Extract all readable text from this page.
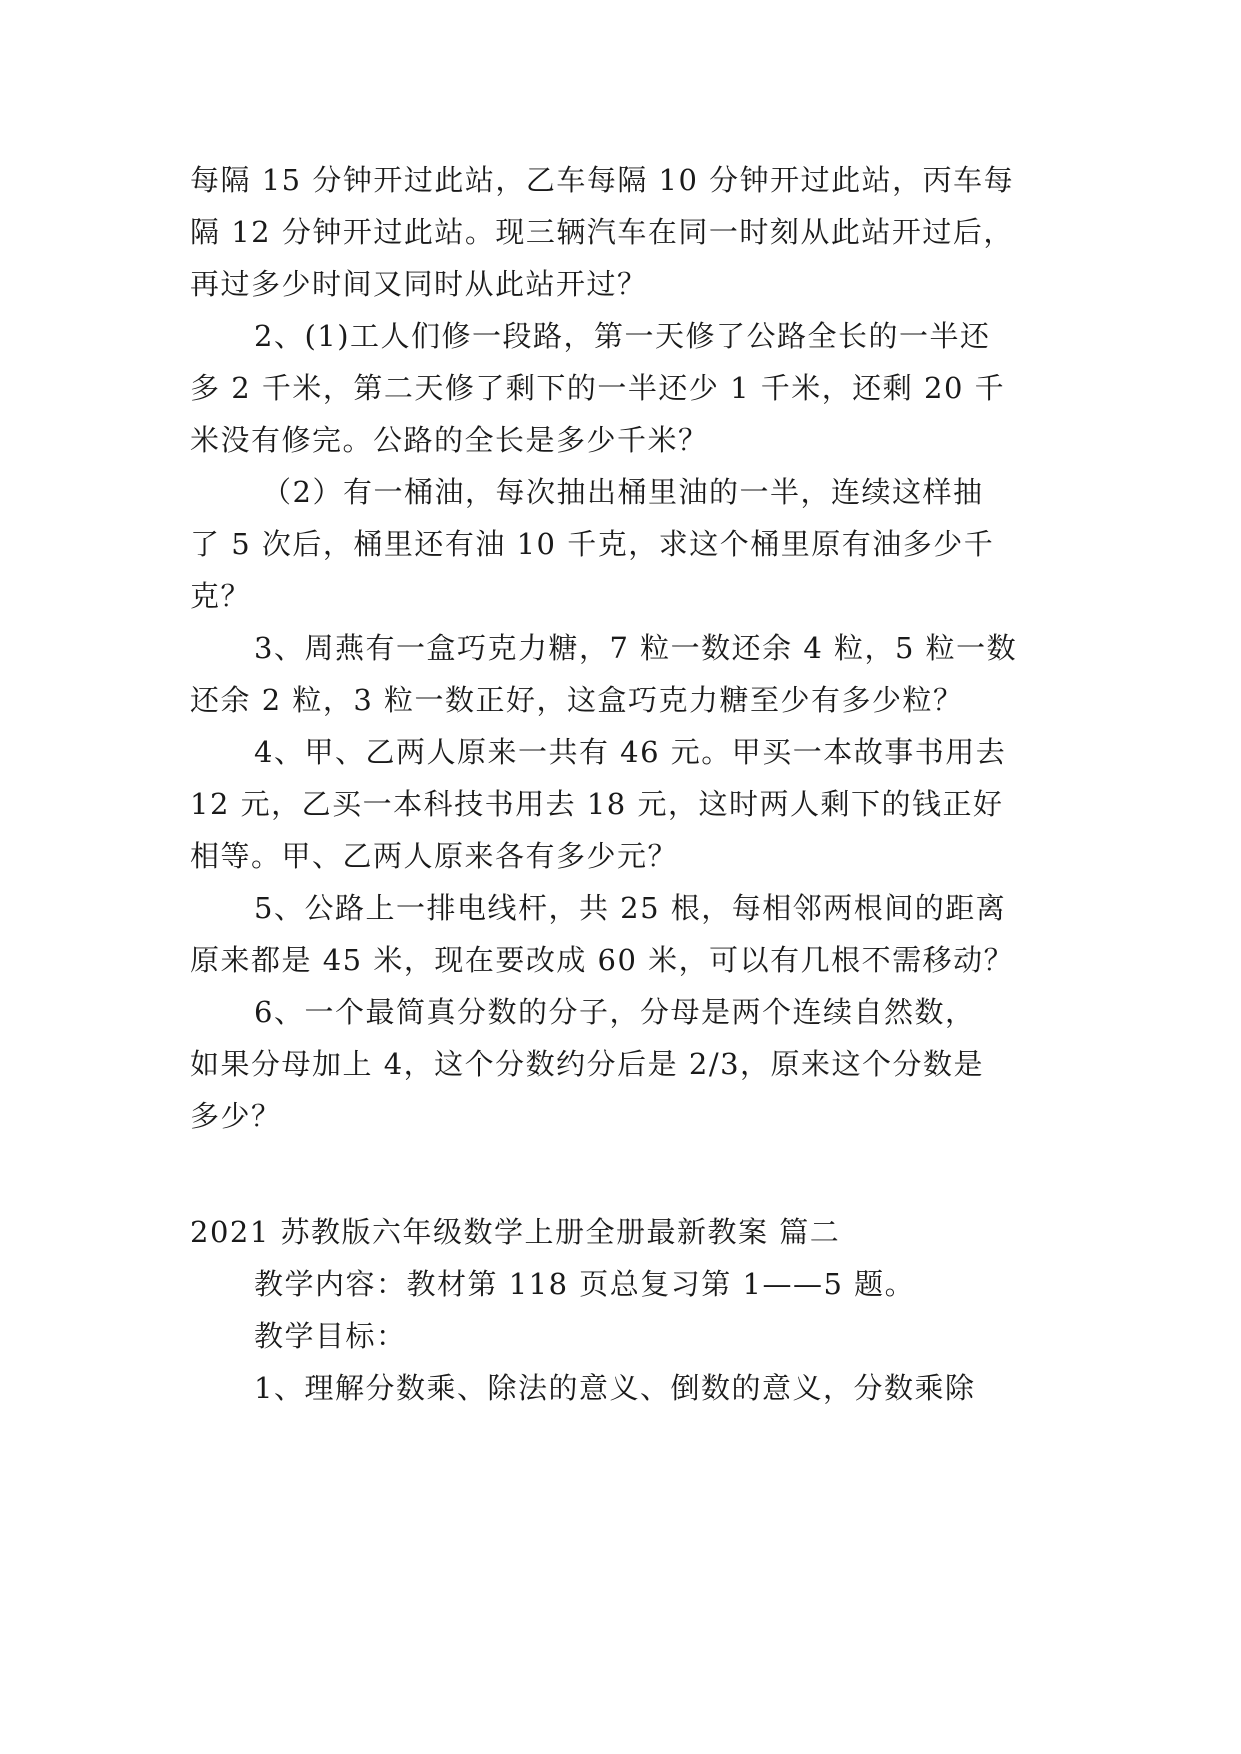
每隔 15 分钟开过此站，乙车每隔 10 分钟开过此站，丙车每
隔 12 分钟开过此站。现三辆汽车在同一时刻从此站开过后，
再过多少时间又同时从此站开过？
2、(1)工人们修一段路，第一天修了公路全长的一半还
多 2 千米，第二天修了剩下的一半还少 1 千米，还剩 20 千
米没有修完。公路的全长是多少千米？
（2）有一桶油，每次抽出桶里油的一半，连续这样抽
了 5 次后，桶里还有油 10 千克，求这个桶里原有油多少千
克？
3、周燕有一盒巧克力糖，7 粒一数还余 4 粒，5 粒一数
还余 2 粒，3 粒一数正好，这盒巧克力糖至少有多少粒？
4、甲、乙两人原来一共有 46 元。甲买一本故事书用去
12 元，乙买一本科技书用去 18 元，这时两人剩下的钱正好
相等。甲、乙两人原来各有多少元？
5、公路上一排电线杆，共 25 根，每相邻两根间的距离
原来都是 45 米，现在要改成 60 米，可以有几根不需移动？
6、一个最简真分数的分子，分母是两个连续自然数，
如果分母加上 4，这个分数约分后是 2/3，原来这个分数是
多少？
2021 苏教版六年级数学上册全册最新教案 篇二
教学内容：教材第 118 页总复习第 1——5 题。
教学目标：
1、理解分数乘、除法的意义、倒数的意义，分数乘除
